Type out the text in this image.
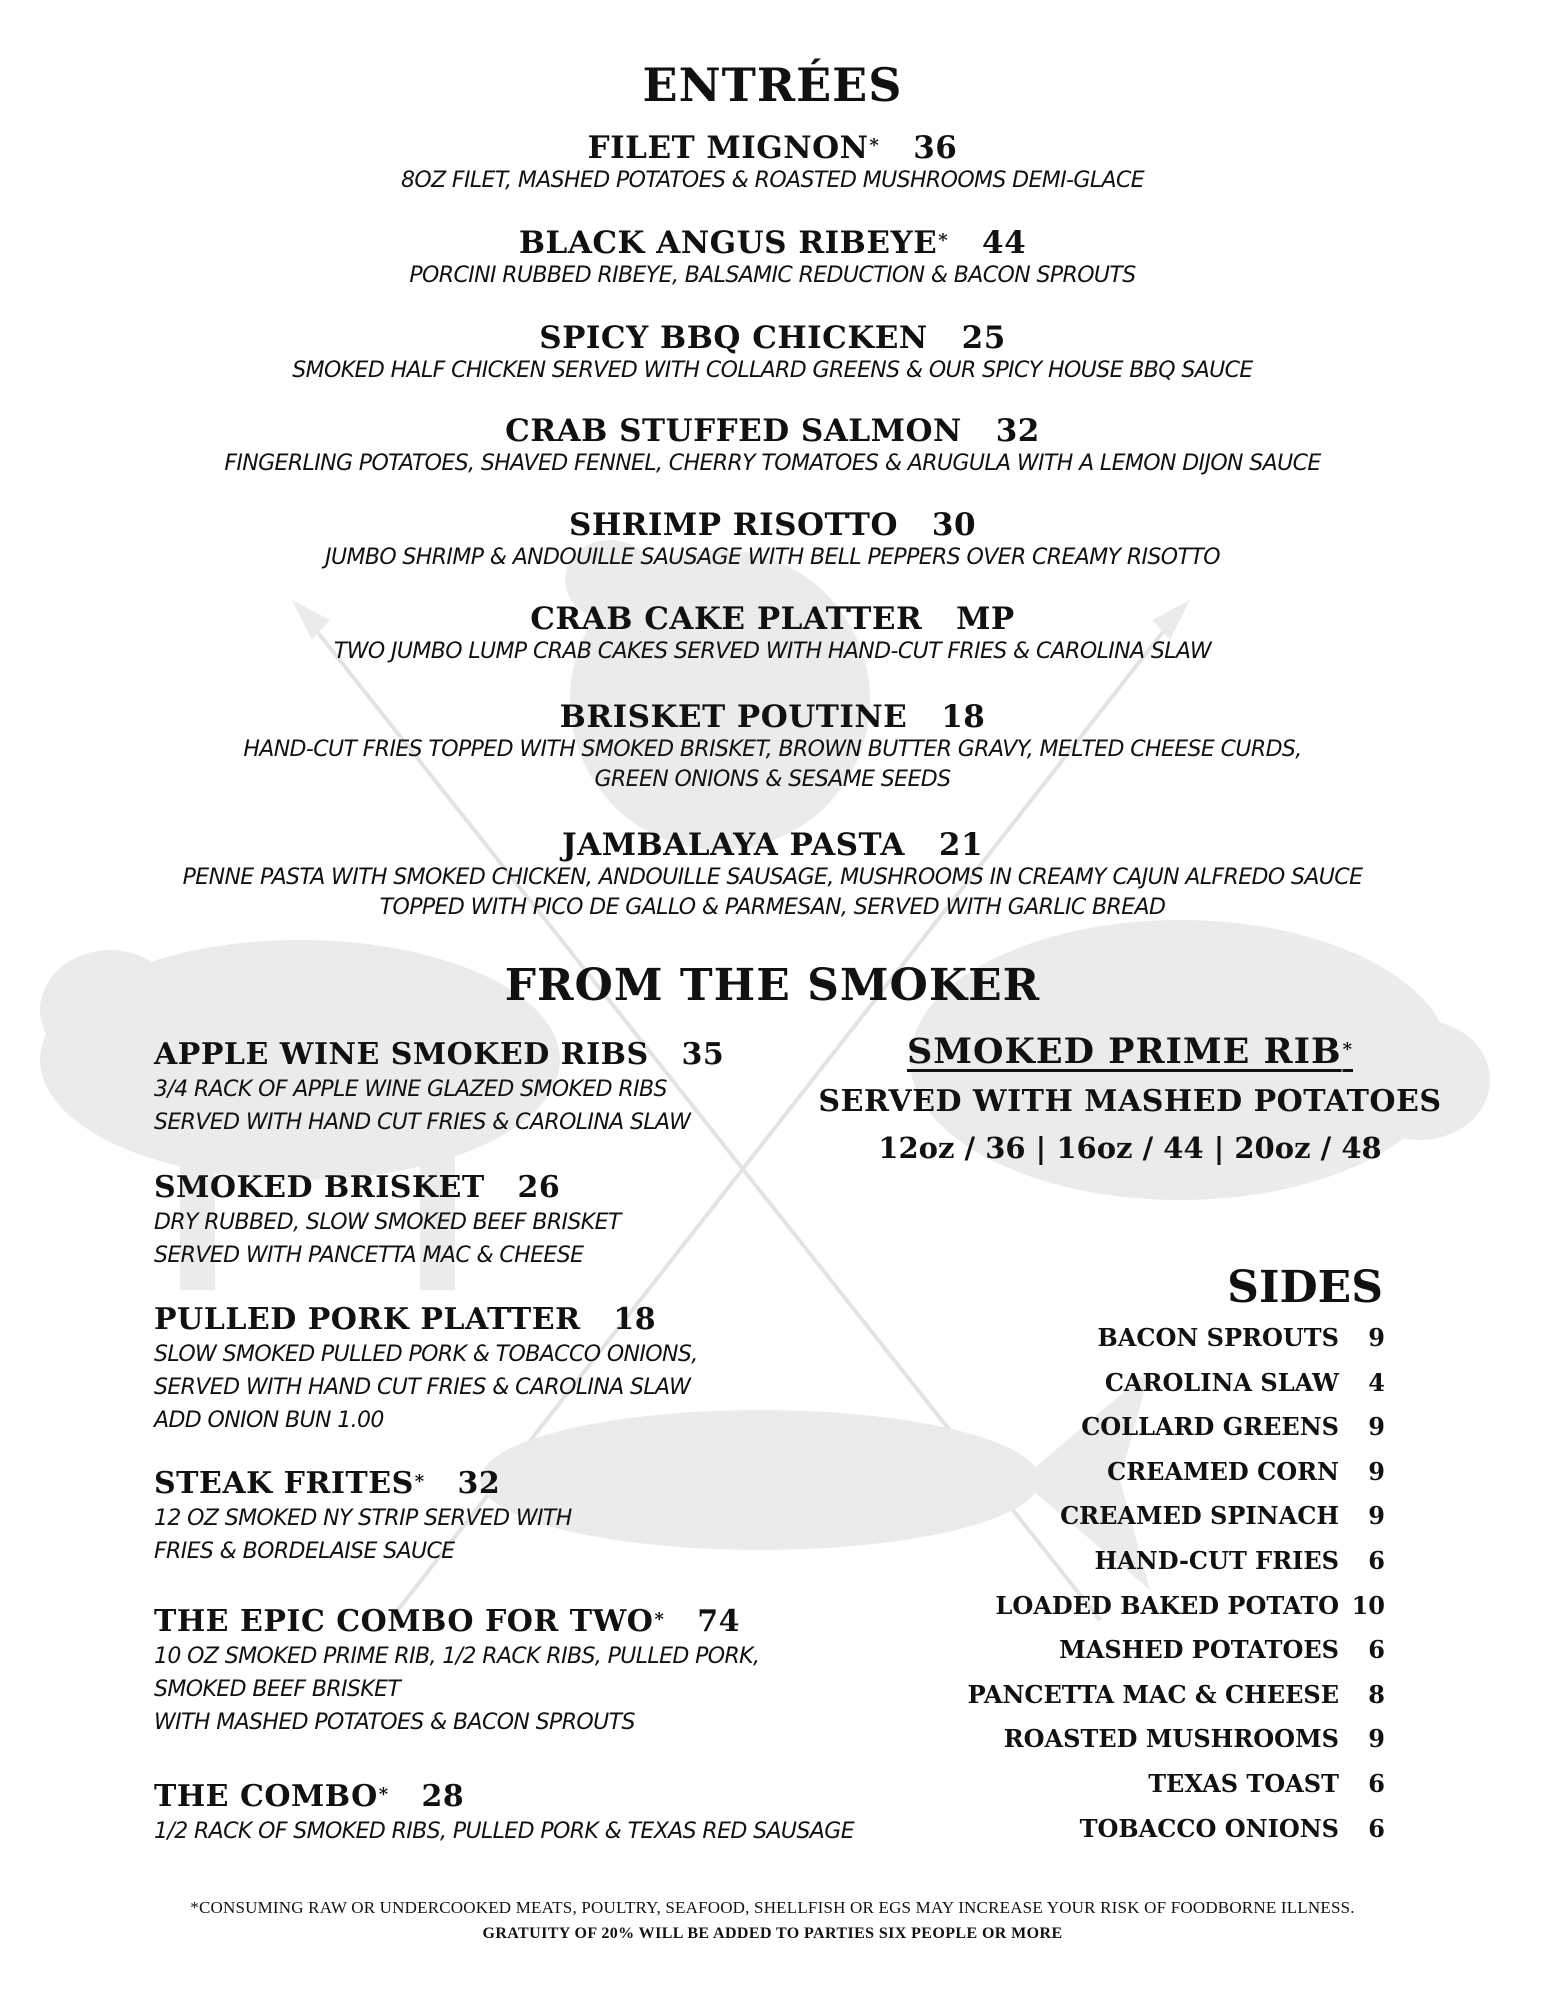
ENTRÉES
FILET MIGNON* 36
8OZ FILET, MASHED POTATOES & ROASTED MUSHROOMS DEMI-GLACE
BLACK ANGUS RIBEYE* 44
PORCINI RUBBED RIBEYE, BALSAMIC REDUCTION & BACON SPROUTS
SPICY BBQ CHICKEN 25
SMOKED HALF CHICKEN SERVED WITH COLLARD GREENS & OUR SPICY HOUSE BBQ SAUCE
CRAB STUFFED SALMON 32
FINGERLING POTATOES, SHAVED FENNEL, CHERRY TOMATOES & ARUGULA WITH A LEMON DIJON SAUCE
SHRIMP RISOTTO 30
JUMBO SHRIMP & ANDOUILLE SAUSAGE WITH BELL PEPPERS OVER CREAMY RISOTTO
CRAB CAKE PLATTER MP
TWO JUMBO LUMP CRAB CAKES SERVED WITH HAND-CUT FRIES & CAROLINA SLAW
BRISKET POUTINE 18
HAND-CUT FRIES TOPPED WITH SMOKED BRISKET, BROWN BUTTER GRAVY, MELTED CHEESE CURDS,
GREEN ONIONS & SESAME SEEDS
JAMBALAYA PASTA 21
PENNE PASTA WITH SMOKED CHICKEN, ANDOUILLE SAUSAGE, MUSHROOMS IN CREAMY CAJUN ALFREDO SAUCE
TOPPED WITH PICO DE GALLO & PARMESAN, SERVED WITH GARLIC BREAD
FROM THE SMOKER
APPLE WINE SMOKED RIBS 35
3/4 RACK OF APPLE WINE GLAZED SMOKED RIBS
SERVED WITH HAND CUT FRIES & CAROLINA SLAW
SMOKED BRISKET 26
DRY RUBBED, SLOW SMOKED BEEF BRISKET
SERVED WITH PANCETTA MAC & CHEESE
PULLED PORK PLATTER 18
SLOW SMOKED PULLED PORK & TOBACCO ONIONS,
SERVED WITH HAND CUT FRIES & CAROLINA SLAW
ADD ONION BUN 1.00
STEAK FRITES* 32
12 OZ SMOKED NY STRIP SERVED WITH
FRIES & BORDELAISE SAUCE
THE EPIC COMBO FOR TWO* 74
10 OZ SMOKED PRIME RIB, 1/2 RACK RIBS, PULLED PORK,
SMOKED BEEF BRISKET
WITH MASHED POTATOES & BACON SPROUTS
THE COMBO* 28
1/2 RACK OF SMOKED RIBS, PULLED PORK & TEXAS RED SAUSAGE
SMOKED PRIME RIB*
SERVED WITH MASHED POTATOES
12oz / 36 | 16oz / 44 | 20oz / 48
SIDES
BACON SPROUTS	9
CAROLINA SLAW	4
COLLARD GREENS	9
CREAMED CORN	9
CREAMED SPINACH	9
HAND-CUT FRIES	6
LOADED BAKED POTATO 10
MASHED POTATOES	6
PANCETTA MAC & CHEESE	8
ROASTED MUSHROOMS	9
TEXAS TOAST	6
TOBACCO ONIONS	6
*CONSUMING RAW OR UNDERCOOKED MEATS, POULTRY, SEAFOOD, SHELLFISH OR EGS MAY INCREASE YOUR RISK OF FOODBORNE ILLNESS.
GRATUITY OF 20% WILL BE ADDED TO PARTIES SIX PEOPLE OR MORE
